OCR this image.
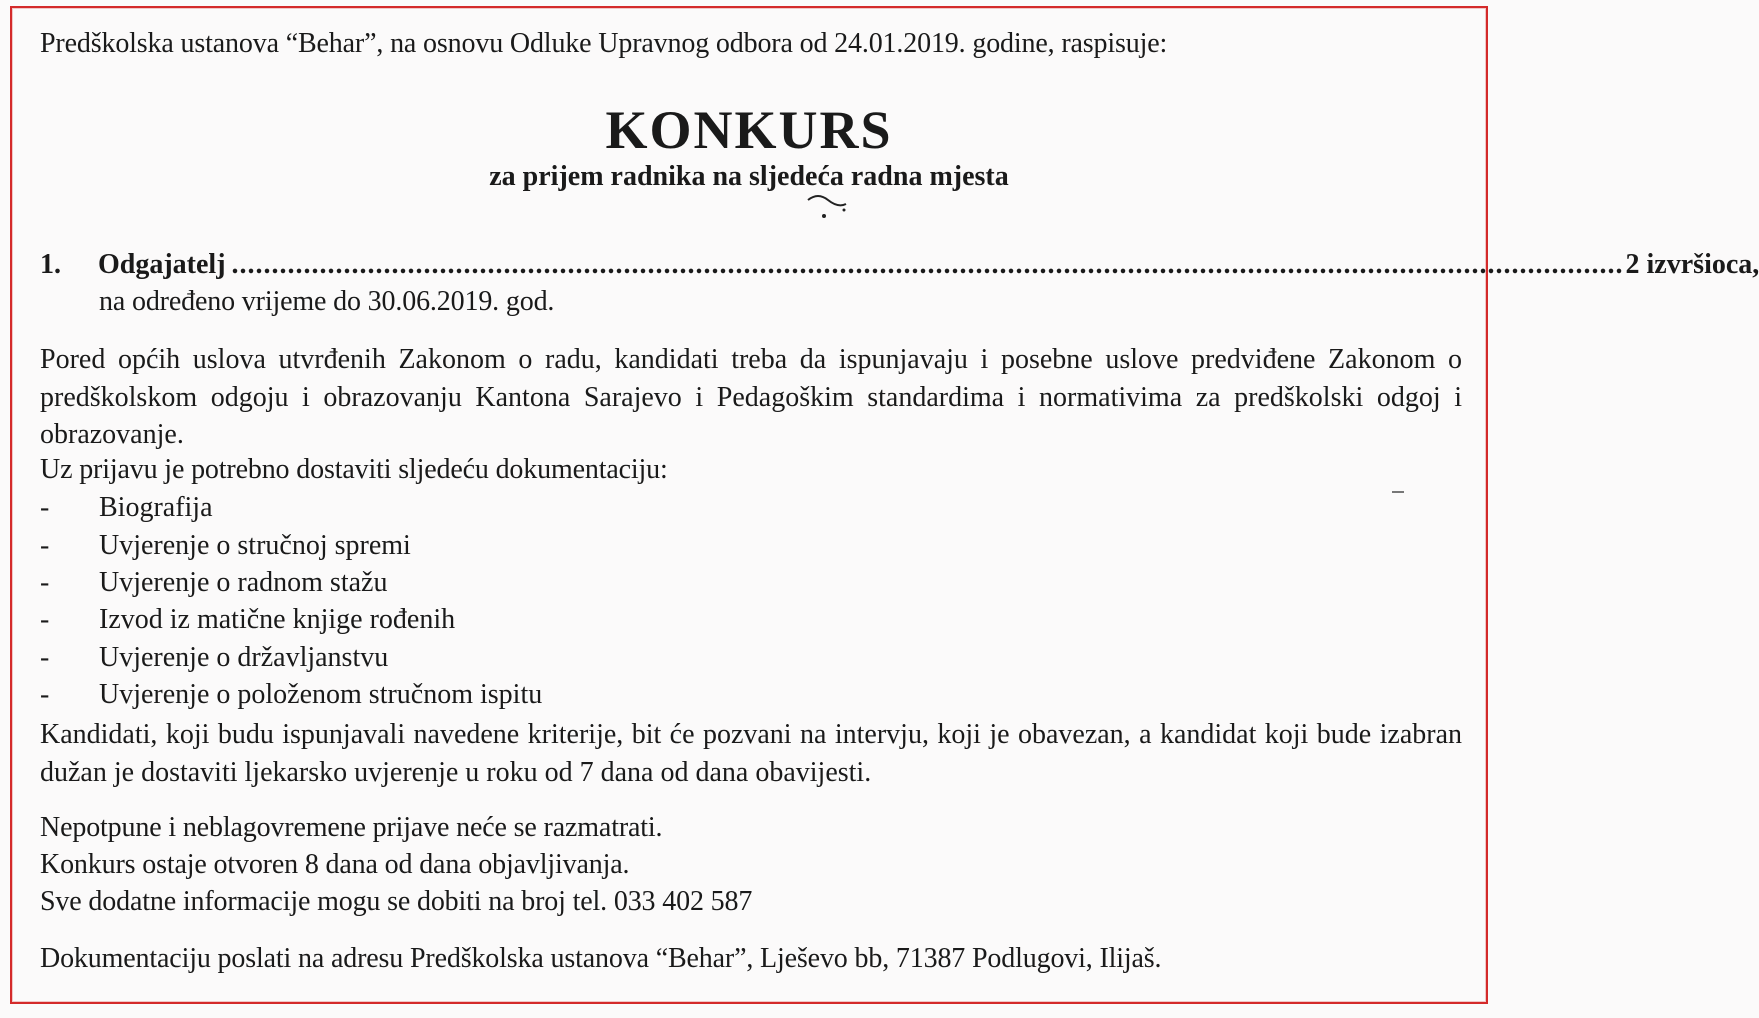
Predškolska ustanova “Behar”, na osnovu Odluke Upravnog odbora od 24.01.2019. godine, raspisuje:
KONKURS
za prijem radnika na sljedeća radna mjesta
1.	Odgajatelj .............................................................................................................................................................................. 2 izvršioca,
na određeno vrijeme do 30.06.2019. god.
Pored općih uslova utvrđenih Zakonom o radu, kandidati treba da ispunjavaju i posebne uslove predviđene Zakonom o predškolskom odgoju i obrazovanju Kantona Sarajevo i Pedagoškim standardima i normativima za predškolski odgoj i obrazovanje.
Uz prijavu je potrebno dostaviti sljedeću dokumentaciju:
- Biografija
- Uvjerenje o stručnoj spremi
- Uvjerenje o radnom stažu
- Izvod iz matične knjige rođenih
- Uvjerenje o državljanstvu
- Uvjerenje o položenom stručnom ispitu
Kandidati, koji budu ispunjavali navedene kriterije, bit će pozvani na intervju, koji je obavezan, a kandidat koji bude izabran dužan je dostaviti ljekarsko uvjerenje u roku od 7 dana od dana obavijesti.
Nepotpune i neblagovremene prijave neće se razmatrati.
Konkurs ostaje otvoren 8 dana od dana objavljivanja.
Sve dodatne informacije mogu se dobiti na broj tel. 033 402 587
Dokumentaciju poslati na adresu Predškolska ustanova “Behar”, Lješevo bb, 71387 Podlugovi, Ilijaš.
